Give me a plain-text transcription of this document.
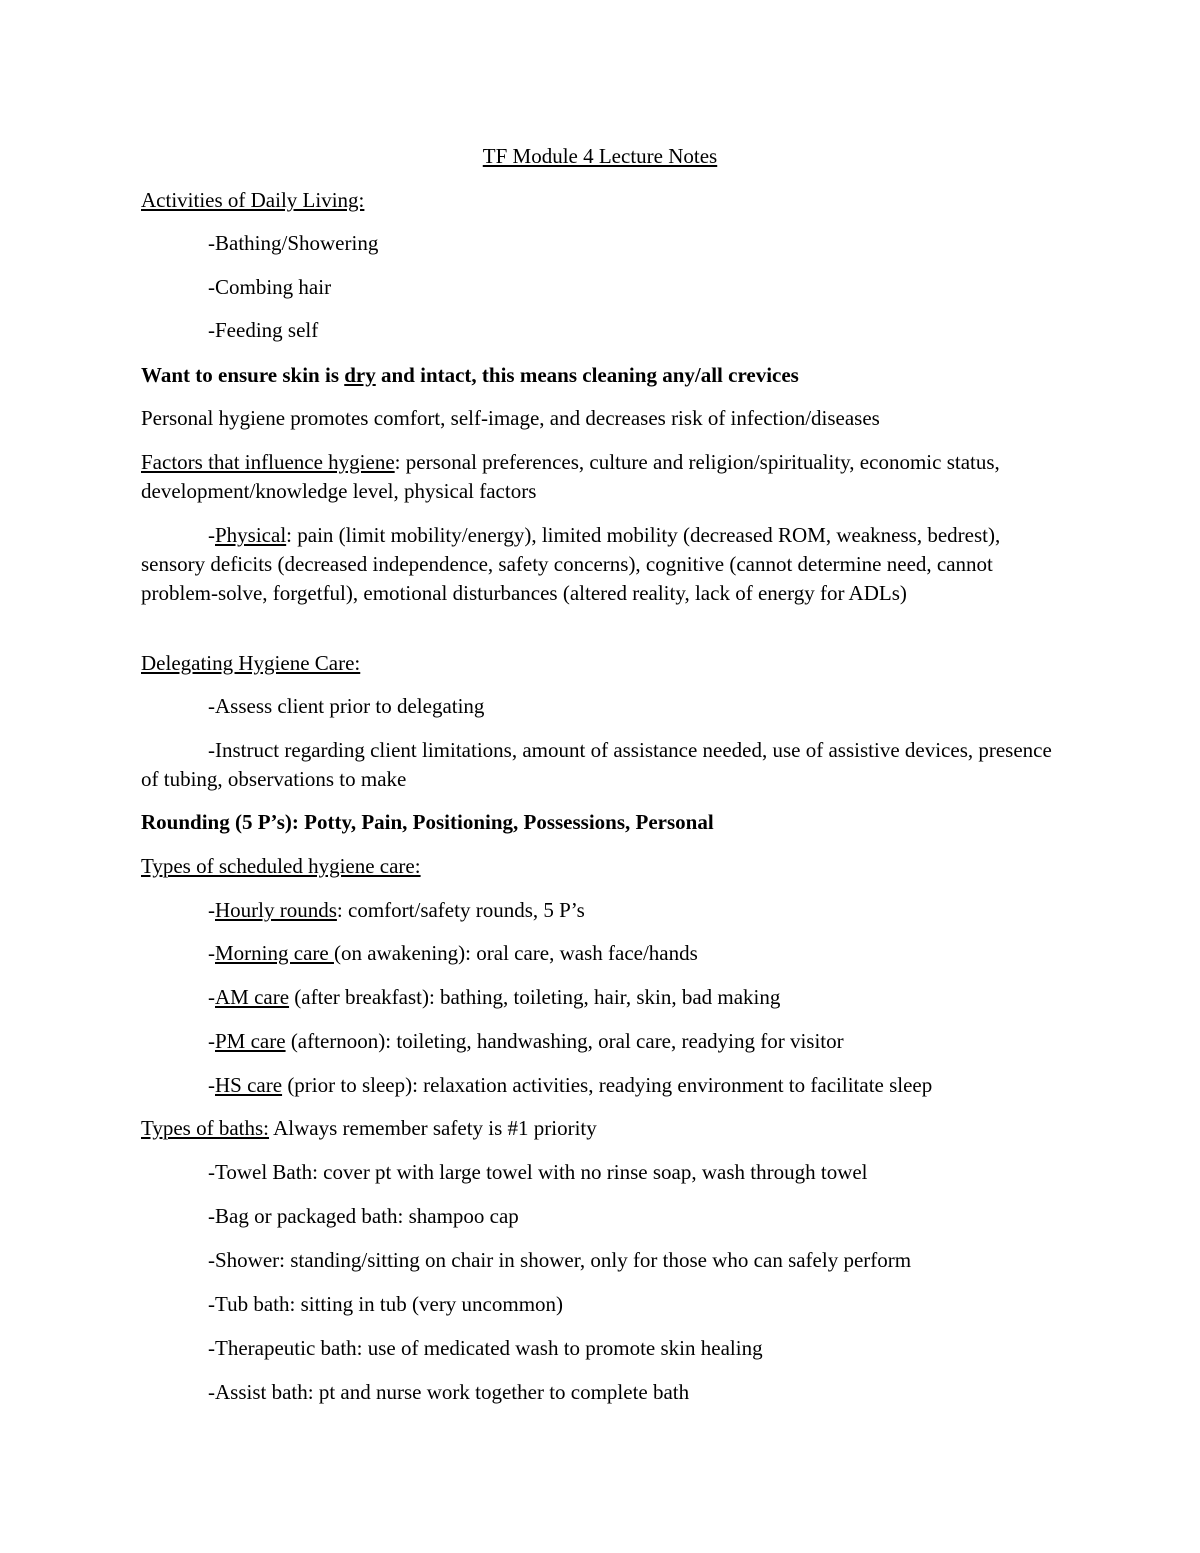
TF Module 4 Lecture Notes
Activities of Daily Living:
-Bathing/Showering
-Combing hair
-Feeding self
Want to ensure skin is dry and intact, this means cleaning any/all crevices
Personal hygiene promotes comfort, self-image, and decreases risk of infection/diseases
Factors that influence hygiene: personal preferences, culture and religion/spirituality, economic status, development/knowledge level, physical factors
-Physical: pain (limit mobility/energy), limited mobility (decreased ROM, weakness, bedrest), sensory deficits (decreased independence, safety concerns), cognitive (cannot determine need, cannot problem-solve, forgetful), emotional disturbances (altered reality, lack of energy for ADLs)
Delegating Hygiene Care:
-Assess client prior to delegating
-Instruct regarding client limitations, amount of assistance needed, use of assistive devices, presence of tubing, observations to make
Rounding (5 P’s): Potty, Pain, Positioning, Possessions, Personal
Types of scheduled hygiene care:
-Hourly rounds: comfort/safety rounds, 5 P’s
-Morning care (on awakening): oral care, wash face/hands
-AM care (after breakfast): bathing, toileting, hair, skin, bad making
-PM care (afternoon): toileting, handwashing, oral care, readying for visitor
-HS care (prior to sleep): relaxation activities, readying environment to facilitate sleep
Types of baths: Always remember safety is #1 priority
-Towel Bath: cover pt with large towel with no rinse soap, wash through towel
-Bag or packaged bath: shampoo cap
-Shower: standing/sitting on chair in shower, only for those who can safely perform
-Tub bath: sitting in tub (very uncommon)
-Therapeutic bath: use of medicated wash to promote skin healing
-Assist bath: pt and nurse work together to complete bath
